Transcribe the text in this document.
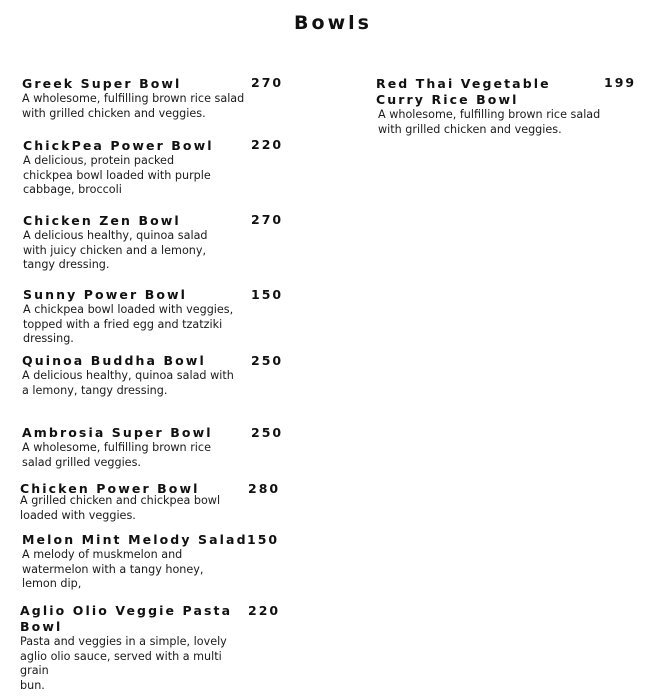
Bowls
Greek Super Bowl
A wholesome, fulfilling brown rice salad
with grilled chicken and veggies.
270
ChickPea Power Bowl
A delicious, protein packed
chickpea bowl loaded with purple
cabbage, broccoli
220
Chicken Zen Bowl
A delicious healthy, quinoa salad
with juicy chicken and a lemony,
tangy dressing.
270
Sunny Power Bowl
A chickpea bowl loaded with veggies,
topped with a fried egg and tzatziki
dressing.
150
Quinoa Buddha Bowl
A delicious healthy, quinoa salad with
a lemony, tangy dressing.
250
Ambrosia Super Bowl
A wholesome, fulfilling brown rice
salad grilled veggies.
250
Chicken Power Bowl
A grilled chicken and chickpea bowl
loaded with veggies.
280
Melon Mint Melody Salad
A melody of muskmelon and
watermelon with a tangy honey,
lemon dip,
150
Aglio Olio Veggie Pasta Bowl
Pasta and veggies in a simple, lovely
aglio olio sauce, served with a multi grain
bun.
220
Red Thai Vegetable Curry Rice Bowl
A wholesome, fulfilling brown rice salad
with grilled chicken and veggies.
199
